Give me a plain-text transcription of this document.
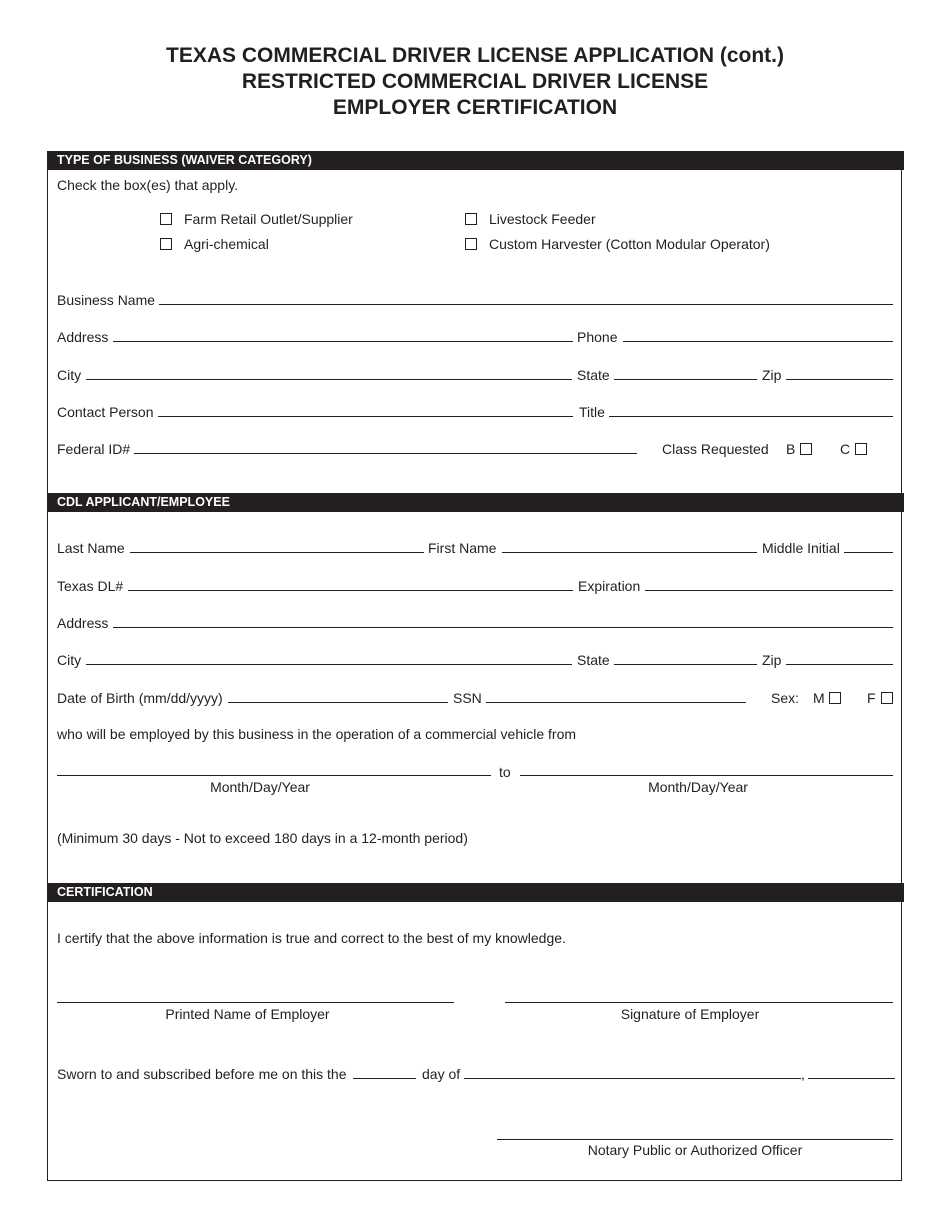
TEXAS COMMERCIAL DRIVER LICENSE APPLICATION (cont.)
RESTRICTED COMMERCIAL DRIVER LICENSE
EMPLOYER CERTIFICATION
TYPE OF BUSINESS (WAIVER CATEGORY)
Check the box(es) that apply.
Farm Retail Outlet/Supplier
Agri-chemical
Livestock Feeder
Custom Harvester (Cotton Modular Operator)
Business Name
Address	Phone
City	State	Zip
Contact Person	Title
Federal ID#	Class Requested B	C
CDL APPLICANT/EMPLOYEE
Last Name	First Name	Middle Initial
Texas DL#	Expiration
Address
City	State	Zip
Date of Birth (mm/dd/yyyy)	SSN	Sex: M	F
who will be employed by this business in the operation of a commercial vehicle from
to
Month/Day/Year	Month/Day/Year
(Minimum 30 days - Not to exceed 180 days in a 12-month period)
CERTIFICATION
I certify that the above information is true and correct to the best of my knowledge.
Printed Name of Employer	Signature of Employer
Sworn to and subscribed before me on this the	day of	,
Notary Public or Authorized Officer
